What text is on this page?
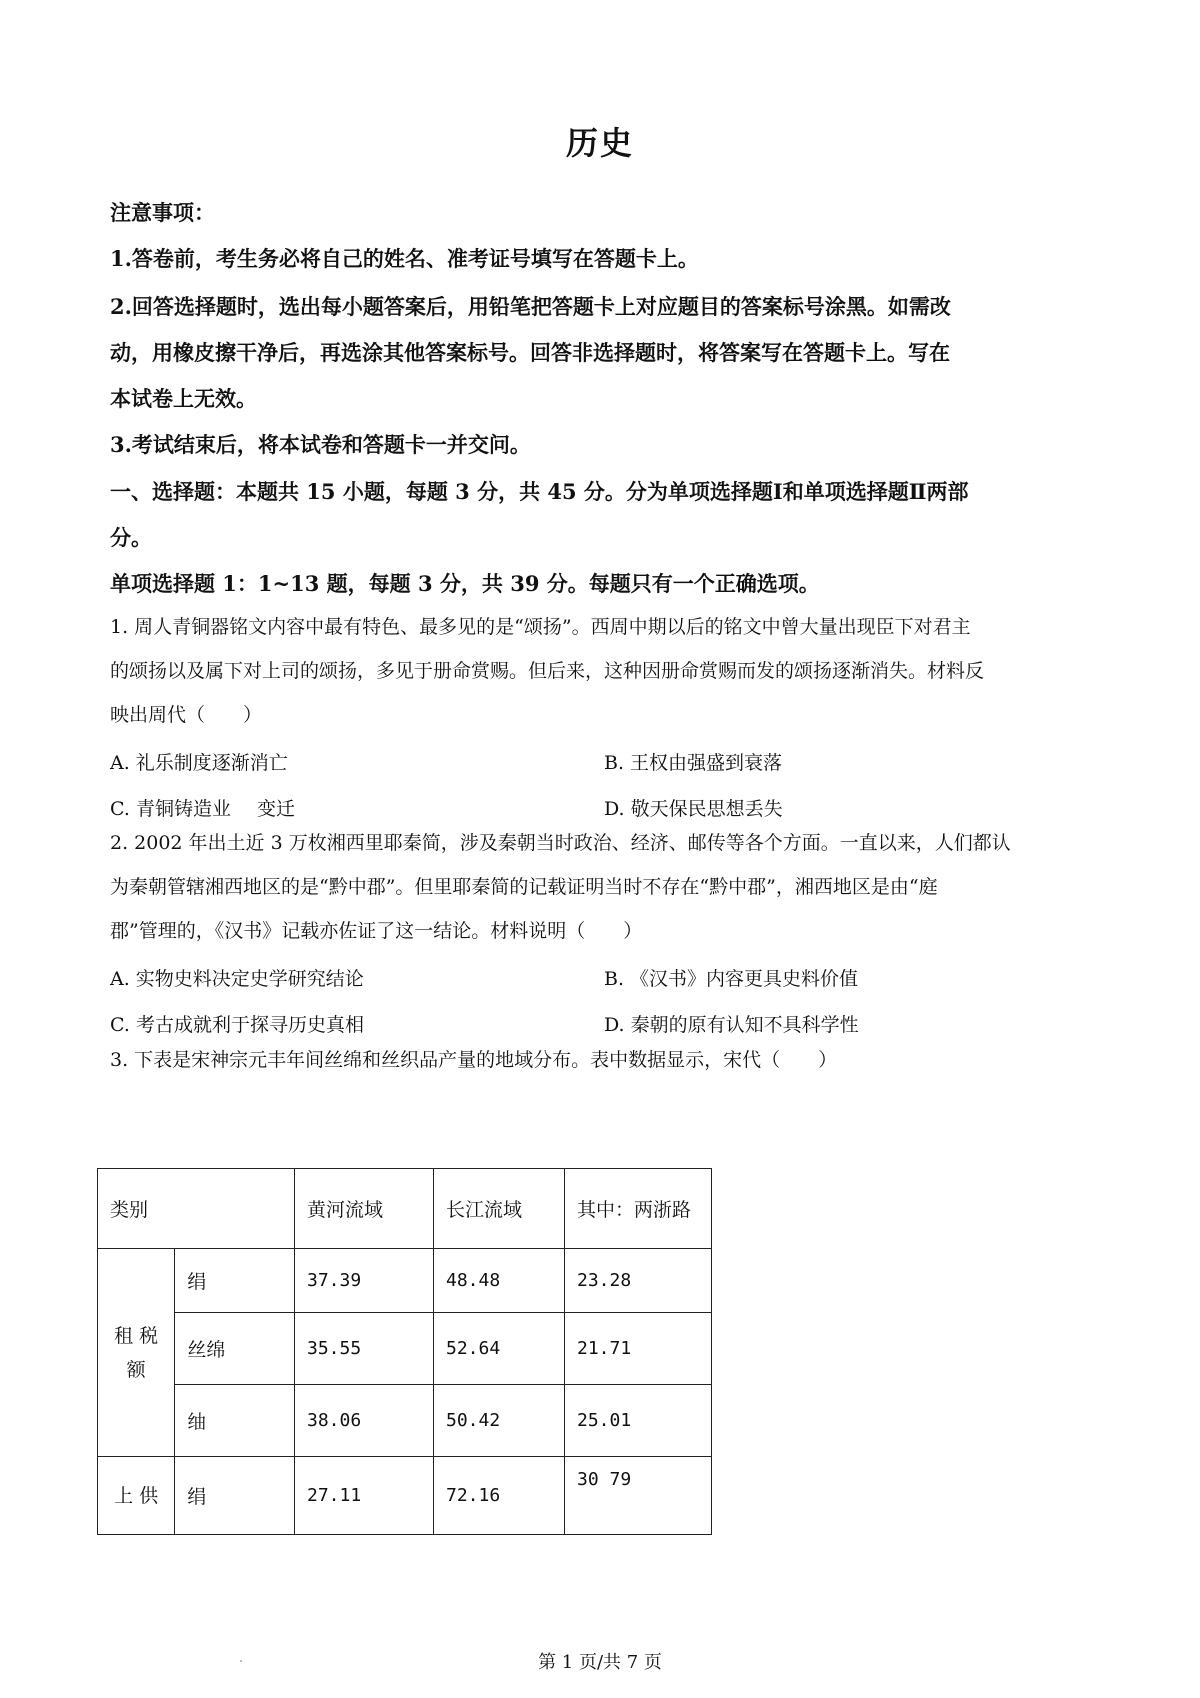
历史
注意事项：
1.答卷前，考生务必将自己的姓名、准考证号填写在答题卡上。
2.回答选择题时，选出每小题答案后，用铅笔把答题卡上对应题目的答案标号涂黑。如需改
动，用橡皮擦干净后，再选涂其他答案标号。回答非选择题时，将答案写在答题卡上。写在
本试卷上无效。
3.考试结束后，将本试卷和答题卡一并交问。
一、选择题：本题共 15 小题，每题 3 分，共 45 分。分为单项选择题Ⅰ和单项选择题Ⅱ两部
分。
单项选择题 1：1~13 题，每题 3 分，共 39 分。每题只有一个正确选项。
1. 周人青铜器铭文内容中最有特色、最多见的是“颂扬”。西周中期以后的铭文中曾大量出现臣下对君主
的颂扬以及属下对上司的颂扬，多见于册命赏赐。但后来，这种因册命赏赐而发的颂扬逐渐消失。材料反
映出周代（　　）
A. 礼乐制度逐渐消亡	B. 王权由强盛到衰落
C. 青铜铸造业 变迁	D. 敬天保民思想丢失
2. 2002 年出土近 3 万枚湘西里耶秦简，涉及秦朝当时政治、经济、邮传等各个方面。一直以来，人们都认
为秦朝管辖湘西地区的是“黔中郡”。但里耶秦简的记载证明当时不存在“黔中郡”，湘西地区是由“庭
郡”管理的，《汉书》记载亦佐证了这一结论。材料说明（　　）
A. 实物史料决定史学研究结论	B. 《汉书》内容更具史料价值
C. 考古成就利于探寻历史真相	D. 秦朝的原有认知不具科学性
3. 下表是宋神宗元丰年间丝绵和丝织品产量的地域分布。表中数据显示，宋代（　　）
类别		黄河流域	长江流域	其中：两浙路

租 税
额	绢	37.39	48.48	23.28
	丝绵	35.55	52.64	21.71
	䌷	38.06	50.42	25.01
上 供	绢	27.11	72.16	30 79
第 1 页/共 7 页
